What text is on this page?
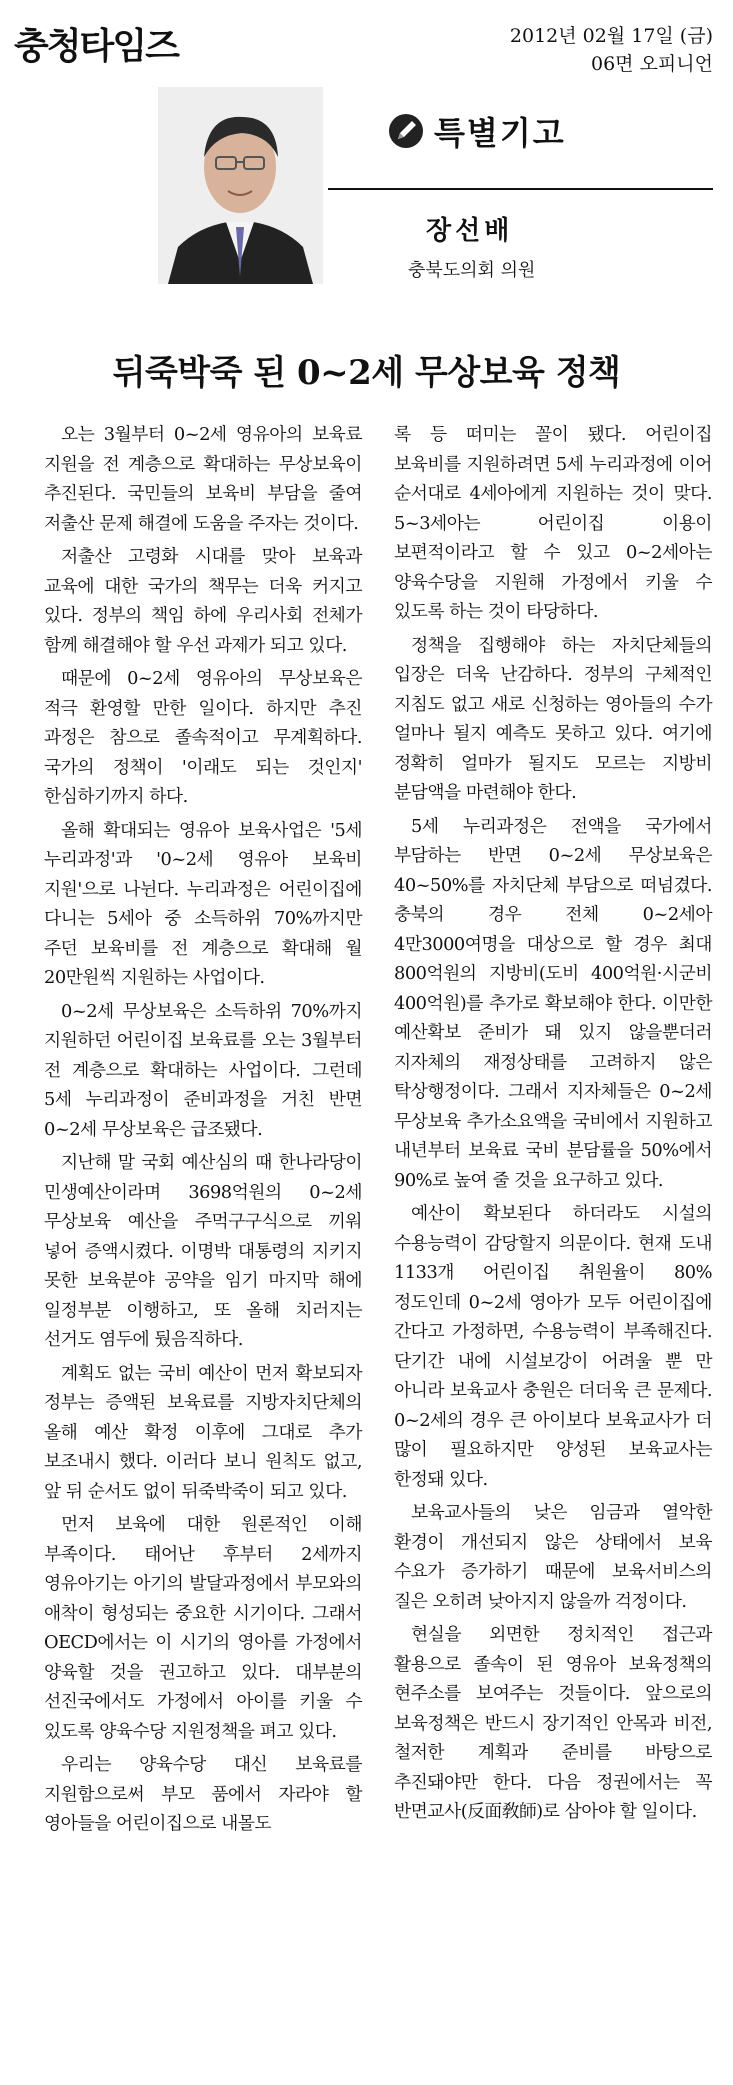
충청타임즈	2012년 02월 17일 (금)
06면 오피니언
특별기고
장선배
충북도의회 의원
뒤죽박죽 된 0~2세 무상보육 정책

오는 3월부터 0~2세 영유아의 보육료 지원을 전 계층으로 확대하는 무상보육이 추진된다. 국민들의 보육비 부담을 줄여 저출산 문제 해결에 도움을 주자는 것이다.

저출산 고령화 시대를 맞아 보육과 교육에 대한 국가의 책무는 더욱 커지고 있다. 정부의 책임 하에 우리사회 전체가 함께 해결해야 할 우선 과제가 되고 있다.

때문에 0~2세 영유아의 무상보육은 적극 환영할 만한 일이다. 하지만 추진 과정은 참으로 졸속적이고 무계획하다. 국가의 정책이 '이래도 되는 것인지' 한심하기까지 하다.

올해 확대되는 영유아 보육사업은 '5세 누리과정'과 '0~2세 영유아 보육비 지원'으로 나뉜다. 누리과정은 어린이집에 다니는 5세아 중 소득하위 70%까지만 주던 보육비를 전 계층으로 확대해 월 20만원씩 지원하는 사업이다.

0~2세 무상보육은 소득하위 70%까지 지원하던 어린이집 보육료를 오는 3월부터 전 계층으로 확대하는 사업이다. 그런데 5세 누리과정이 준비과정을 거친 반면 0~2세 무상보육은 급조됐다.

지난해 말 국회 예산심의 때 한나라당이 민생예산이라며 3698억원의 0~2세 무상보육 예산을 주먹구구식으로 끼워 넣어 증액시켰다. 이명박 대통령의 지키지 못한 보육분야 공약을 임기 마지막 해에 일정부분 이행하고, 또 올해 치러지는 선거도 염두에 뒀음직하다.

계획도 없는 국비 예산이 먼저 확보되자 정부는 증액된 보육료를 지방자치단체의 올해 예산 확정 이후에 그대로 추가 보조내시 했다. 이러다 보니 원칙도 없고, 앞 뒤 순서도 없이 뒤죽박죽이 되고 있다.

먼저 보육에 대한 원론적인 이해 부족이다. 태어난 후부터 2세까지 영유아기는 아기의 발달과정에서 부모와의 애착이 형성되는 중요한 시기이다. 그래서 OECD에서는 이 시기의 영아를 가정에서 양육할 것을 권고하고 있다. 대부분의 선진국에서도 가정에서 아이를 키울 수 있도록 양육수당 지원정책을 펴고 있다.

우리는 양육수당 대신 보육료를 지원함으로써 부모 품에서 자라야 할 영아들을 어린이집으로 내몰도

록 등 떠미는 꼴이 됐다. 어린이집 보육비를 지원하려면 5세 누리과정에 이어 순서대로 4세아에게 지원하는 것이 맞다. 5~3세아는 어린이집 이용이 보편적이라고 할 수 있고 0~2세아는 양육수당을 지원해 가정에서 키울 수 있도록 하는 것이 타당하다.

정책을 집행해야 하는 자치단체들의 입장은 더욱 난감하다. 정부의 구체적인 지침도 없고 새로 신청하는 영아들의 수가 얼마나 될지 예측도 못하고 있다. 여기에 정확히 얼마가 될지도 모르는 지방비 분담액을 마련해야 한다.

5세 누리과정은 전액을 국가에서 부담하는 반면 0~2세 무상보육은 40~50%를 자치단체 부담으로 떠넘겼다. 충북의 경우 전체 0~2세아 4만3000여명을 대상으로 할 경우 최대 800억원의 지방비(도비 400억원·시군비 400억원)를 추가로 확보해야 한다. 이만한 예산확보 준비가 돼 있지 않을뿐더러 지자체의 재정상태를 고려하지 않은 탁상행정이다. 그래서 지자체들은 0~2세 무상보육 추가소요액을 국비에서 지원하고 내년부터 보육료 국비 분담률을 50%에서 90%로 높여 줄 것을 요구하고 있다.

예산이 확보된다 하더라도 시설의 수용능력이 감당할지 의문이다. 현재 도내 1133개 어린이집 취원율이 80% 정도인데 0~2세 영아가 모두 어린이집에 간다고 가정하면, 수용능력이 부족해진다. 단기간 내에 시설보강이 어려울 뿐 만 아니라 보육교사 충원은 더더욱 큰 문제다. 0~2세의 경우 큰 아이보다 보육교사가 더 많이 필요하지만 양성된 보육교사는 한정돼 있다.

보육교사들의 낮은 임금과 열악한 환경이 개선되지 않은 상태에서 보육 수요가 증가하기 때문에 보육서비스의 질은 오히려 낮아지지 않을까 걱정이다.

현실을 외면한 정치적인 접근과 활용으로 졸속이 된 영유아 보육정책의 현주소를 보여주는 것들이다. 앞으로의 보육정책은 반드시 장기적인 안목과 비전, 철저한 계획과 준비를 바탕으로 추진돼야만 한다. 다음 정권에서는 꼭 반면교사(反面敎師)로 삼아야 할 일이다.
